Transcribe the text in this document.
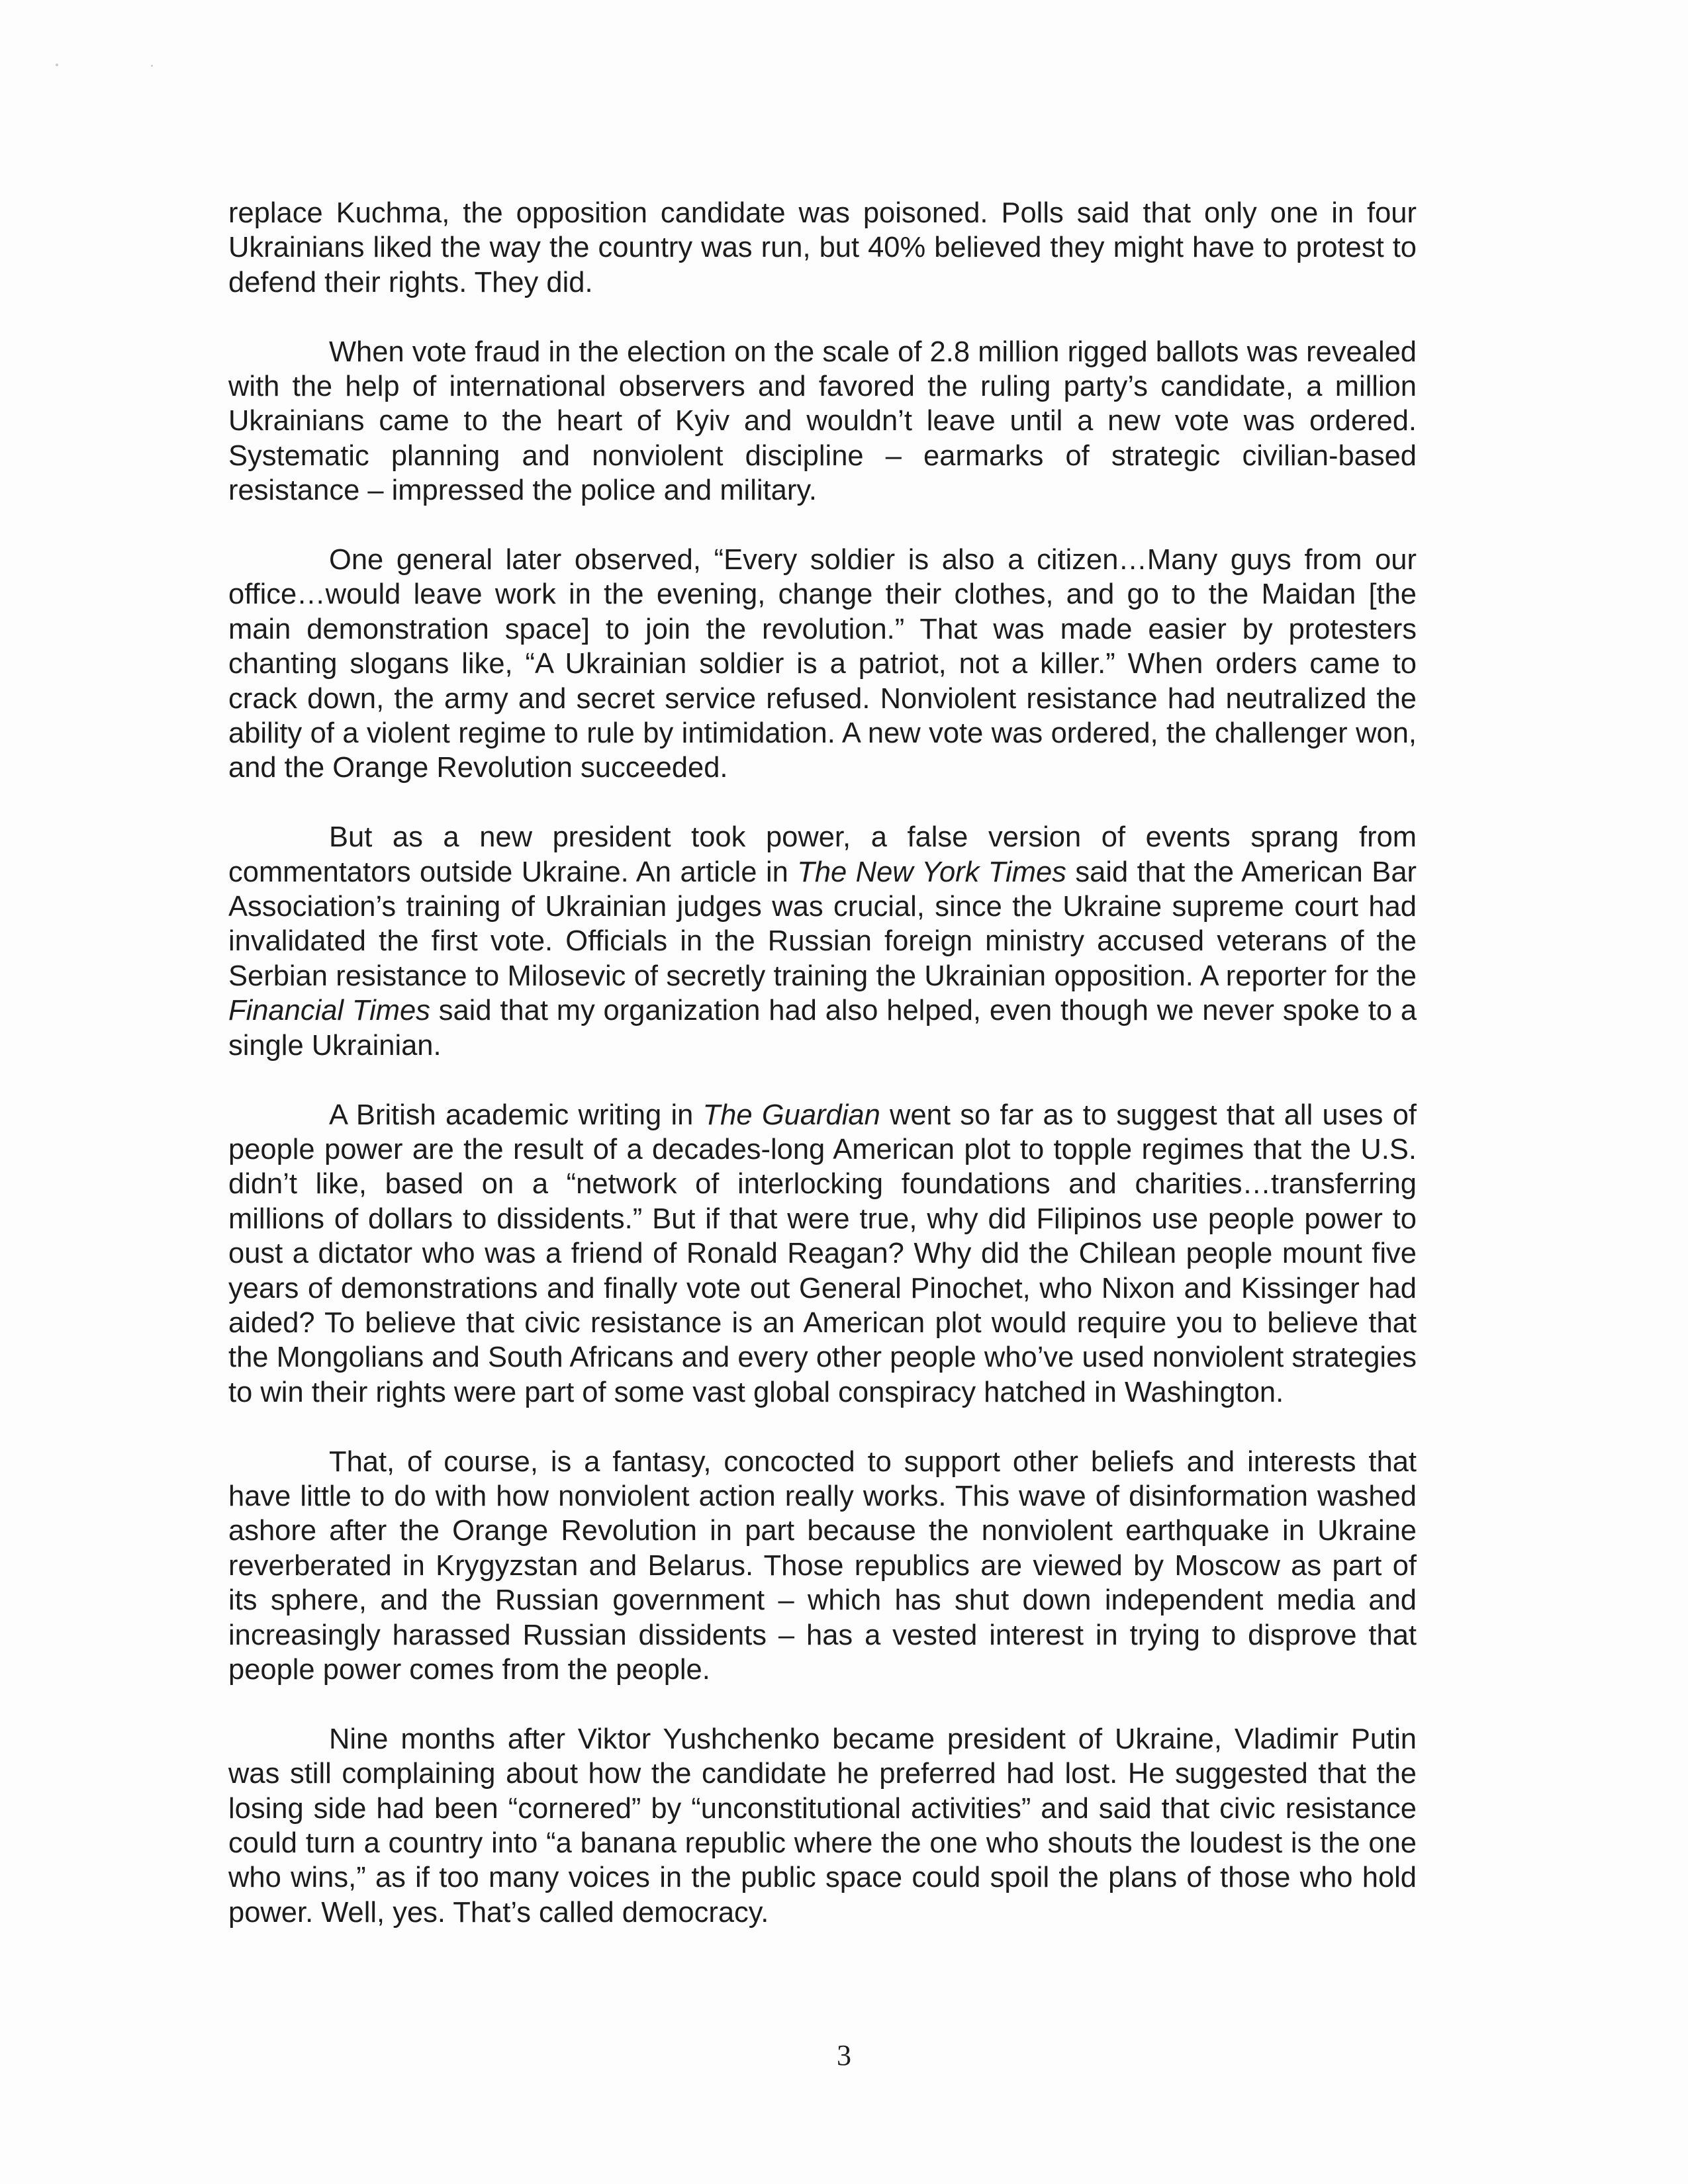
replace Kuchma, the opposition candidate was poisoned. Polls said that only one in four Ukrainians liked the way the country was run, but 40% believed they might have to protest to defend their rights. They did.

When vote fraud in the election on the scale of 2.8 million rigged ballots was revealed with the help of international observers and favored the ruling party’s candidate, a million Ukrainians came to the heart of Kyiv and wouldn’t leave until a new vote was ordered. Systematic planning and nonviolent discipline – earmarks of strategic civilian-based resistance – impressed the police and military.

One general later observed, “Every soldier is also a citizen…Many guys from our office…would leave work in the evening, change their clothes, and go to the Maidan [the main demonstration space] to join the revolution.” That was made easier by protesters chanting slogans like, “A Ukrainian soldier is a patriot, not a killer.” When orders came to crack down, the army and secret service refused. Nonviolent resistance had neutralized the ability of a violent regime to rule by intimidation. A new vote was ordered, the challenger won, and the Orange Revolution succeeded.

But as a new president took power, a false version of events sprang from commentators outside Ukraine. An article in The New York Times said that the American Bar Association’s training of Ukrainian judges was crucial, since the Ukraine supreme court had invalidated the first vote. Officials in the Russian foreign ministry accused veterans of the Serbian resistance to Milosevic of secretly training the Ukrainian opposition. A reporter for the Financial Times said that my organization had also helped, even though we never spoke to a single Ukrainian.

A British academic writing in The Guardian went so far as to suggest that all uses of people power are the result of a decades-long American plot to topple regimes that the U.S. didn’t like, based on a “network of interlocking foundations and charities…transferring millions of dollars to dissidents.” But if that were true, why did Filipinos use people power to oust a dictator who was a friend of Ronald Reagan? Why did the Chilean people mount five years of demonstrations and finally vote out General Pinochet, who Nixon and Kissinger had aided? To believe that civic resistance is an American plot would require you to believe that the Mongolians and South Africans and every other people who’ve used nonviolent strategies to win their rights were part of some vast global conspiracy hatched in Washington.

That, of course, is a fantasy, concocted to support other beliefs and interests that have little to do with how nonviolent action really works. This wave of disinformation washed ashore after the Orange Revolution in part because the nonviolent earthquake in Ukraine reverberated in Krygyzstan and Belarus. Those republics are viewed by Moscow as part of its sphere, and the Russian government – which has shut down independent media and increasingly harassed Russian dissidents – has a vested interest in trying to disprove that people power comes from the people.

Nine months after Viktor Yushchenko became president of Ukraine, Vladimir Putin was still complaining about how the candidate he preferred had lost. He suggested that the losing side had been “cornered” by “unconstitutional activities” and said that civic resistance could turn a country into “a banana republic where the one who shouts the loudest is the one who wins,” as if too many voices in the public space could spoil the plans of those who hold power. Well, yes. That’s called democracy.

3
